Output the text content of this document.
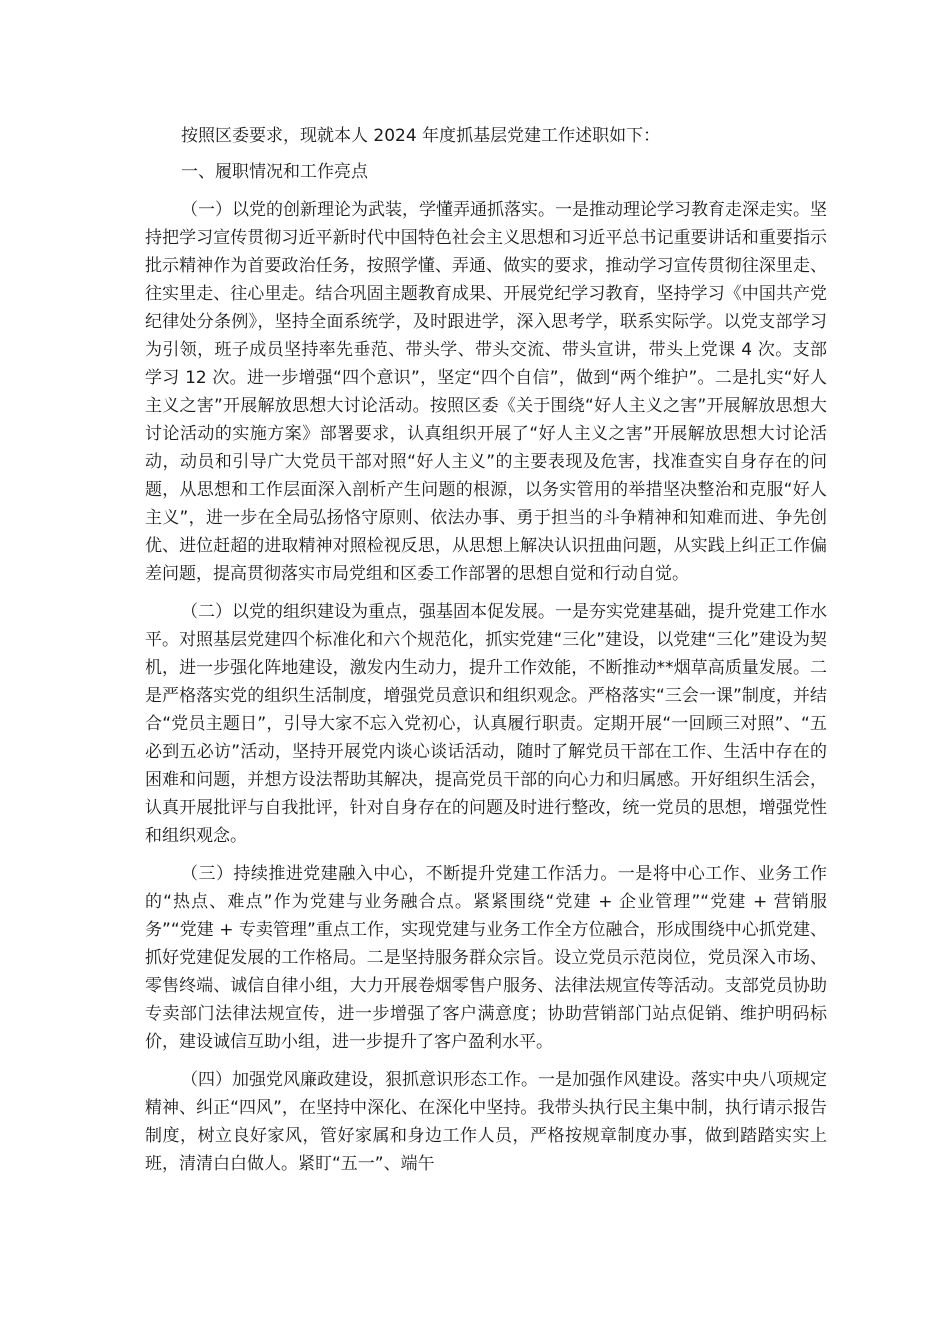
按照区委要求，现就本人 2024 年度抓基层党建工作述职如下：

一、履职情况和工作亮点

（一）以党的创新理论为武装，学懂弄通抓落实。一是推动理论学习教育走深走实。坚持把学习宣传贯彻习近平新时代中国特色社会主义思想和习近平总书记重要讲话和重要指示批示精神作为首要政治任务，按照学懂、弄通、做实的要求，推动学习宣传贯彻往深里走、往实里走、往心里走。结合巩固主题教育成果、开展党纪学习教育，坚持学习《中国共产党纪律处分条例》，坚持全面系统学，及时跟进学，深入思考学，联系实际学。以党支部学习为引领，班子成员坚持率先垂范、带头学、带头交流、带头宣讲，带头上党课 4 次。支部学习 12 次。进一步增强“四个意识”，坚定“四个自信”，做到“两个维护”。二是扎实“好人主义之害”开展解放思想大讨论活动。按照区委《关于围绕“好人主义之害”开展解放思想大讨论活动的实施方案》部署要求，认真组织开展了“好人主义之害”开展解放思想大讨论活动，动员和引导广大党员干部对照“好人主义”的主要表现及危害，找准查实自身存在的问题，从思想和工作层面深入剖析产生问题的根源，以务实管用的举措坚决整治和克服“好人主义”，进一步在全局弘扬恪守原则、依法办事、勇于担当的斗争精神和知难而进、争先创优、进位赶超的进取精神对照检视反思，从思想上解决认识扭曲问题，从实践上纠正工作偏差问题，提高贯彻落实市局党组和区委工作部署的思想自觉和行动自觉。

（二）以党的组织建设为重点，强基固本促发展。一是夯实党建基础，提升党建工作水平。对照基层党建四个标准化和六个规范化，抓实党建“三化”建设，以党建“三化”建设为契机，进一步强化阵地建设，激发内生动力，提升工作效能，不断推动**烟草高质量发展。二是严格落实党的组织生活制度，增强党员意识和组织观念。严格落实“三会一课”制度，并结合“党员主题日”，引导大家不忘入党初心，认真履行职责。定期开展“一回顾三对照”、“五必到五必访”活动，坚持开展党内谈心谈话活动，随时了解党员干部在工作、生活中存在的困难和问题，并想方设法帮助其解决，提高党员干部的向心力和归属感。开好组织生活会，认真开展批评与自我批评，针对自身存在的问题及时进行整改，统一党员的思想，增强党性和组织观念。

（三）持续推进党建融入中心，不断提升党建工作活力。一是将中心工作、业务工作的“热点、难点”作为党建与业务融合点。紧紧围绕“党建 + 企业管理”“党建 + 营销服务”“党建 + 专卖管理”重点工作，实现党建与业务工作全方位融合，形成围绕中心抓党建、抓好党建促发展的工作格局。二是坚持服务群众宗旨。设立党员示范岗位，党员深入市场、零售终端、诚信自律小组，大力开展卷烟零售户服务、法律法规宣传等活动。支部党员协助专卖部门法律法规宣传，进一步增强了客户满意度；协助营销部门站点促销、维护明码标价，建设诚信互助小组，进一步提升了客户盈利水平。

（四）加强党风廉政建设，狠抓意识形态工作。一是加强作风建设。落实中央八项规定精神、纠正“四风”，在坚持中深化、在深化中坚持。我带头执行民主集中制，执行请示报告制度，树立良好家风，管好家属和身边工作人员，严格按规章制度办事，做到踏踏实实上班，清清白白做人。紧盯“五一”、端午
